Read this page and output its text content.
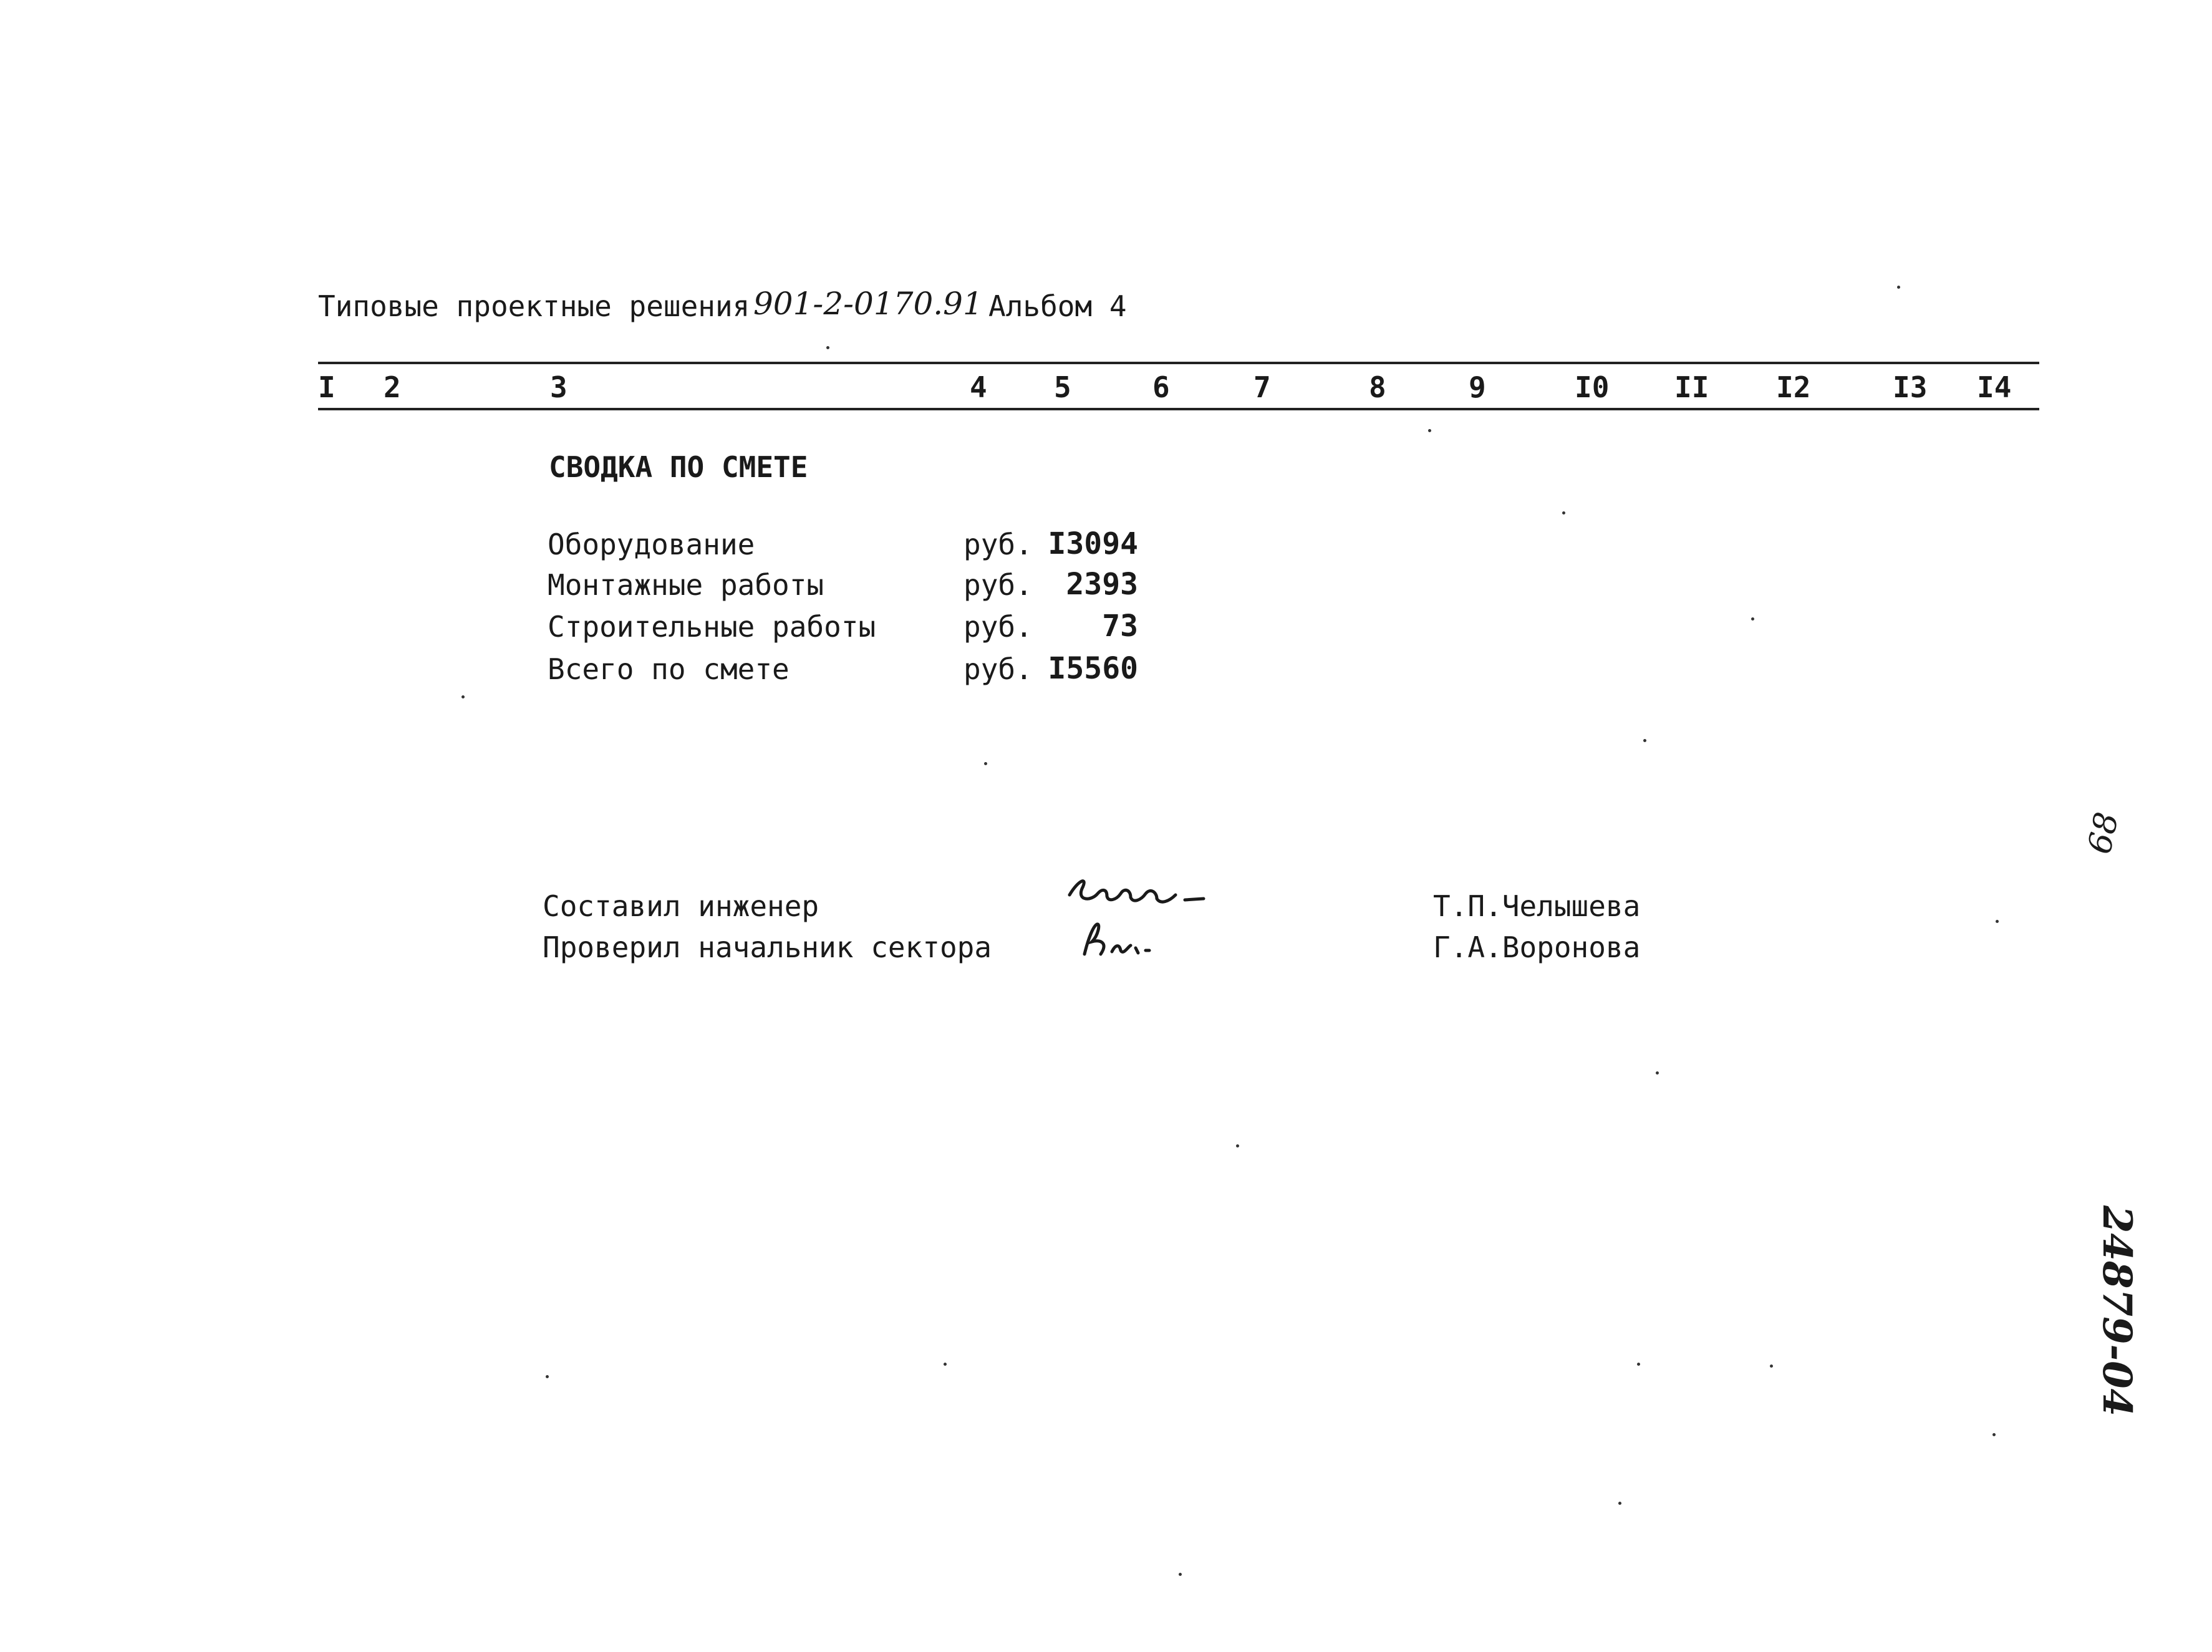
Типовые проектные решения 901-2-0170.91 Альбом 4
I 2	3	4 5	6	7	8	9	I0 II I2	I3 I4
СВОДКА ПО СМЕТЕ
Оборудование	руб. I3094
Монтажные работы	руб.	2393
Строительные работы	руб.	73
Всего по смете	руб. I5560
Составил инженер	Т.П.Челышева
Проверил начальник сектора	Г.А.Воронова
68
24879-04
